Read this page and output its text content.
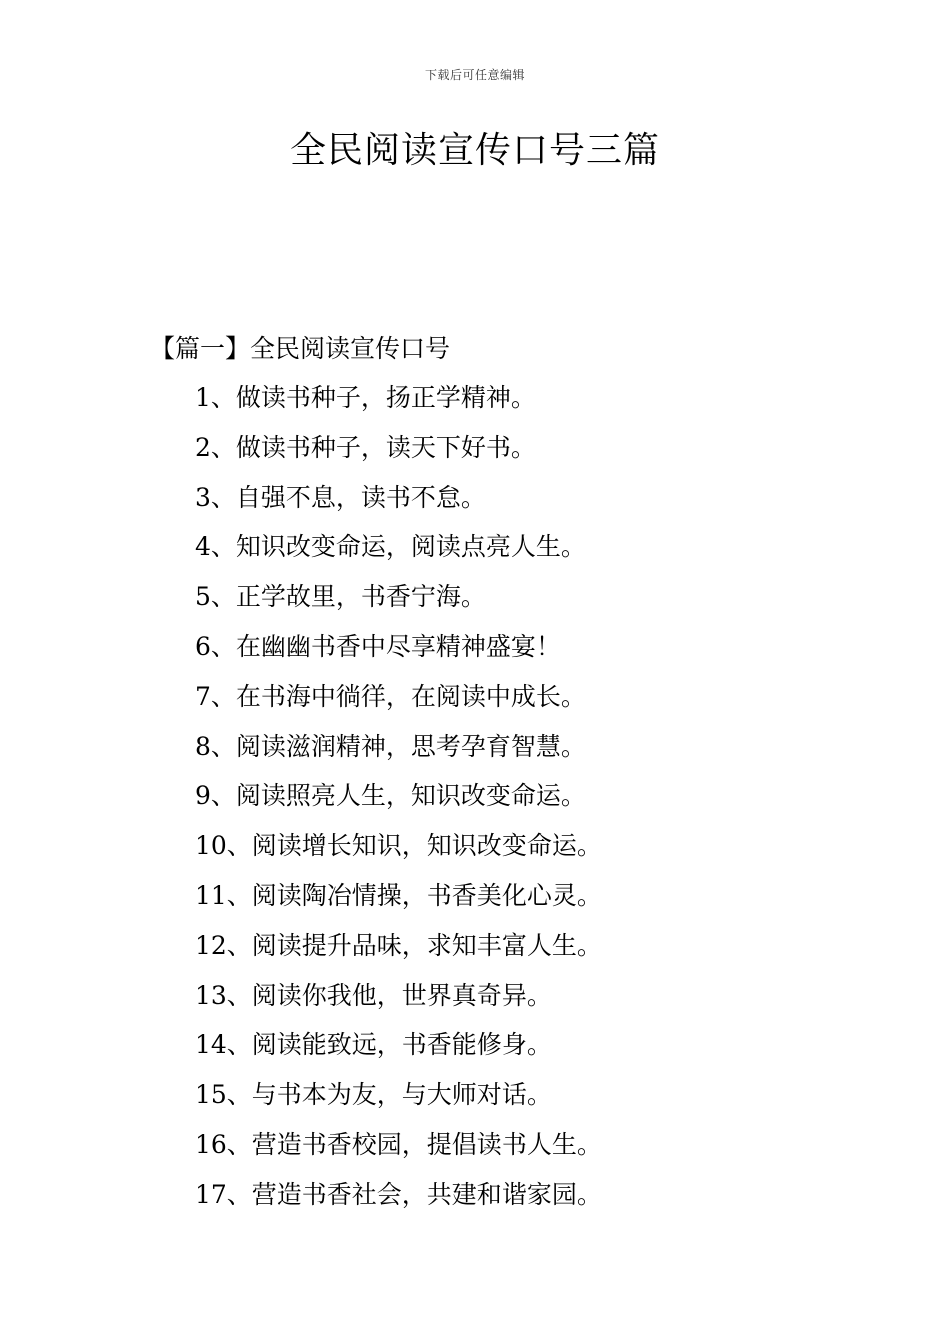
下载后可任意编辑
全民阅读宣传口号三篇
【篇一】全民阅读宣传口号
1、做读书种子，扬正学精神。
2、做读书种子，读天下好书。
3、自强不息，读书不怠。
4、知识改变命运，阅读点亮人生。
5、正学故里，书香宁海。
6、在幽幽书香中尽享精神盛宴！
7、在书海中徜徉，在阅读中成长。
8、阅读滋润精神，思考孕育智慧。
9、阅读照亮人生，知识改变命运。
10、阅读增长知识，知识改变命运。
11、阅读陶冶情操，书香美化心灵。
12、阅读提升品味，求知丰富人生。
13、阅读你我他，世界真奇异。
14、阅读能致远，书香能修身。
15、与书本为友，与大师对话。
16、营造书香校园，提倡读书人生。
17、营造书香社会，共建和谐家园。
